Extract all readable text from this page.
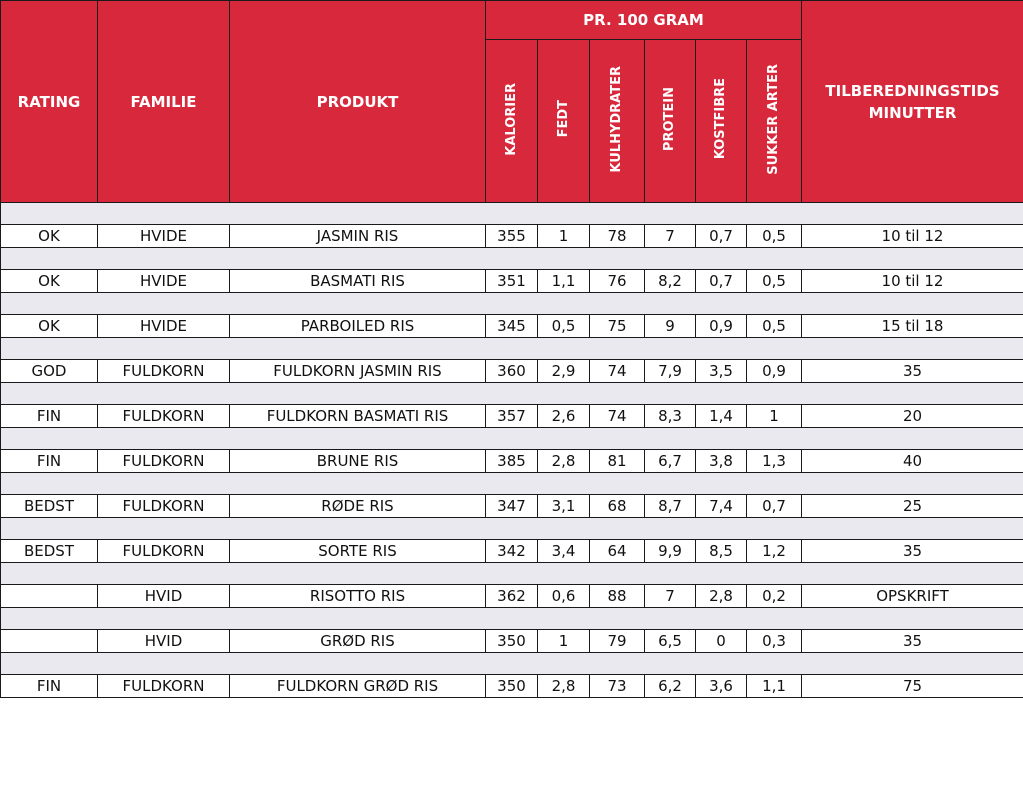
RATING	FAMILIE	PRODUKT	PR. 100 GRAM						TILBEREDNINGSTIDS
MINUTTER
			KALORIER	FEDT	KULHYDRATER	PROTEIN	KOSTFIBRE	SUKKER ARTER	

OK	HVIDE	JASMIN RIS	355	1	78	7	0,7	0,5	10 til 12

OK	HVIDE	BASMATI RIS	351	1,1	76	8,2	0,7	0,5	10 til 12

OK	HVIDE	PARBOILED RIS	345	0,5	75	9	0,9	0,5	15 til 18

GOD	FULDKORN	FULDKORN JASMIN RIS	360	2,9	74	7,9	3,5	0,9	35

FIN	FULDKORN	FULDKORN BASMATI RIS	357	2,6	74	8,3	1,4	1	20

FIN	FULDKORN	BRUNE RIS	385	2,8	81	6,7	3,8	1,3	40

BEDST	FULDKORN	RØDE RIS	347	3,1	68	8,7	7,4	0,7	25

BEDST	FULDKORN	SORTE RIS	342	3,4	64	9,9	8,5	1,2	35

	HVID	RISOTTO RIS	362	0,6	88	7	2,8	0,2	OPSKRIFT

	HVID	GRØD RIS	350	1	79	6,5	0	0,3	35

FIN	FULDKORN	FULDKORN GRØD RIS	350	2,8	73	6,2	3,6	1,1	75
